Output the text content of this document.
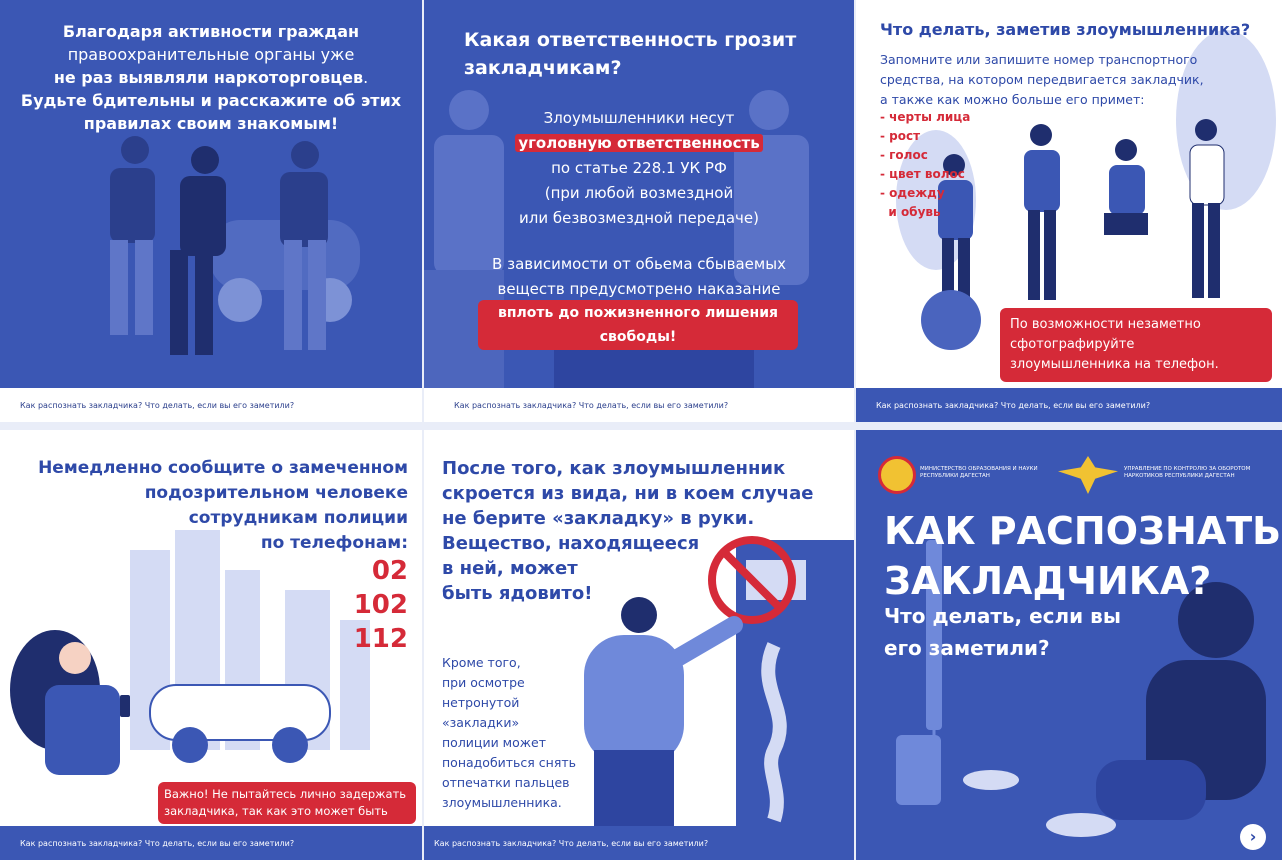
Благодаря активности граждан
правоохранительные органы уже
не раз выявляли наркоторговцев.
Будьте бдительны и расскажите об этих
правилах своим знакомым!
Как распознать закладчика? Что делать, если вы его заметили?
Какая ответственность грозит
закладчикам?
Злоумышленники несут
уголовную ответственность
по статье 228.1 УК РФ
(при любой возмездной
или безвозмездной передаче)
В зависимости от обьема сбываемых
веществ предусмотрено наказание
вплоть до пожизненного лишения
свободы!
Как распознать закладчика? Что делать, если вы его заметили?
Что делать, заметив злоумышленника?
Запомните или запишите номер транспортного
средства, на котором передвигается закладчик,
а также как можно больше его примет:
- черты лица
- рост
- голос
- цвет волос
- одежду
и обувь
По возможности незаметно
сфотографируйте
злоумышленника на телефон.
Как распознать закладчика? Что делать, если вы его заметили?
Немедленно сообщите о замеченном
подозрительном человеке
сотрудникам полиции
по телефонам:
02
102
112
Важно! Не пытайтесь лично задержать
закладчика, так как это может быть
Как распознать закладчика? Что делать, если вы его заметили?
После того, как злоумышленник
скроется из вида, ни в коем случае
не берите «закладку» в руки.
Вещество, находящееся
в ней, может
быть ядовито!
Кроме того,
при осмотре
нетронутой
«закладки»
полиции может
понадобиться снять
отпечатки пальцев
злоумышленника.
Как распознать закладчика? Что делать, если вы его заметили?
МИНИСТЕРСТВО ОБРАЗОВАНИЯ И НАУКИ
РЕСПУБЛИКИ ДАГЕСТАН
УПРАВЛЕНИЕ ПО КОНТРОЛЮ ЗА ОБОРОТОМ
НАРКОТИКОВ РЕСПУБЛИКИ ДАГЕСТАН
КАК РАСПОЗНАТЬ
ЗАКЛАДЧИКА?
Что делать, если вы
его заметили?
›
